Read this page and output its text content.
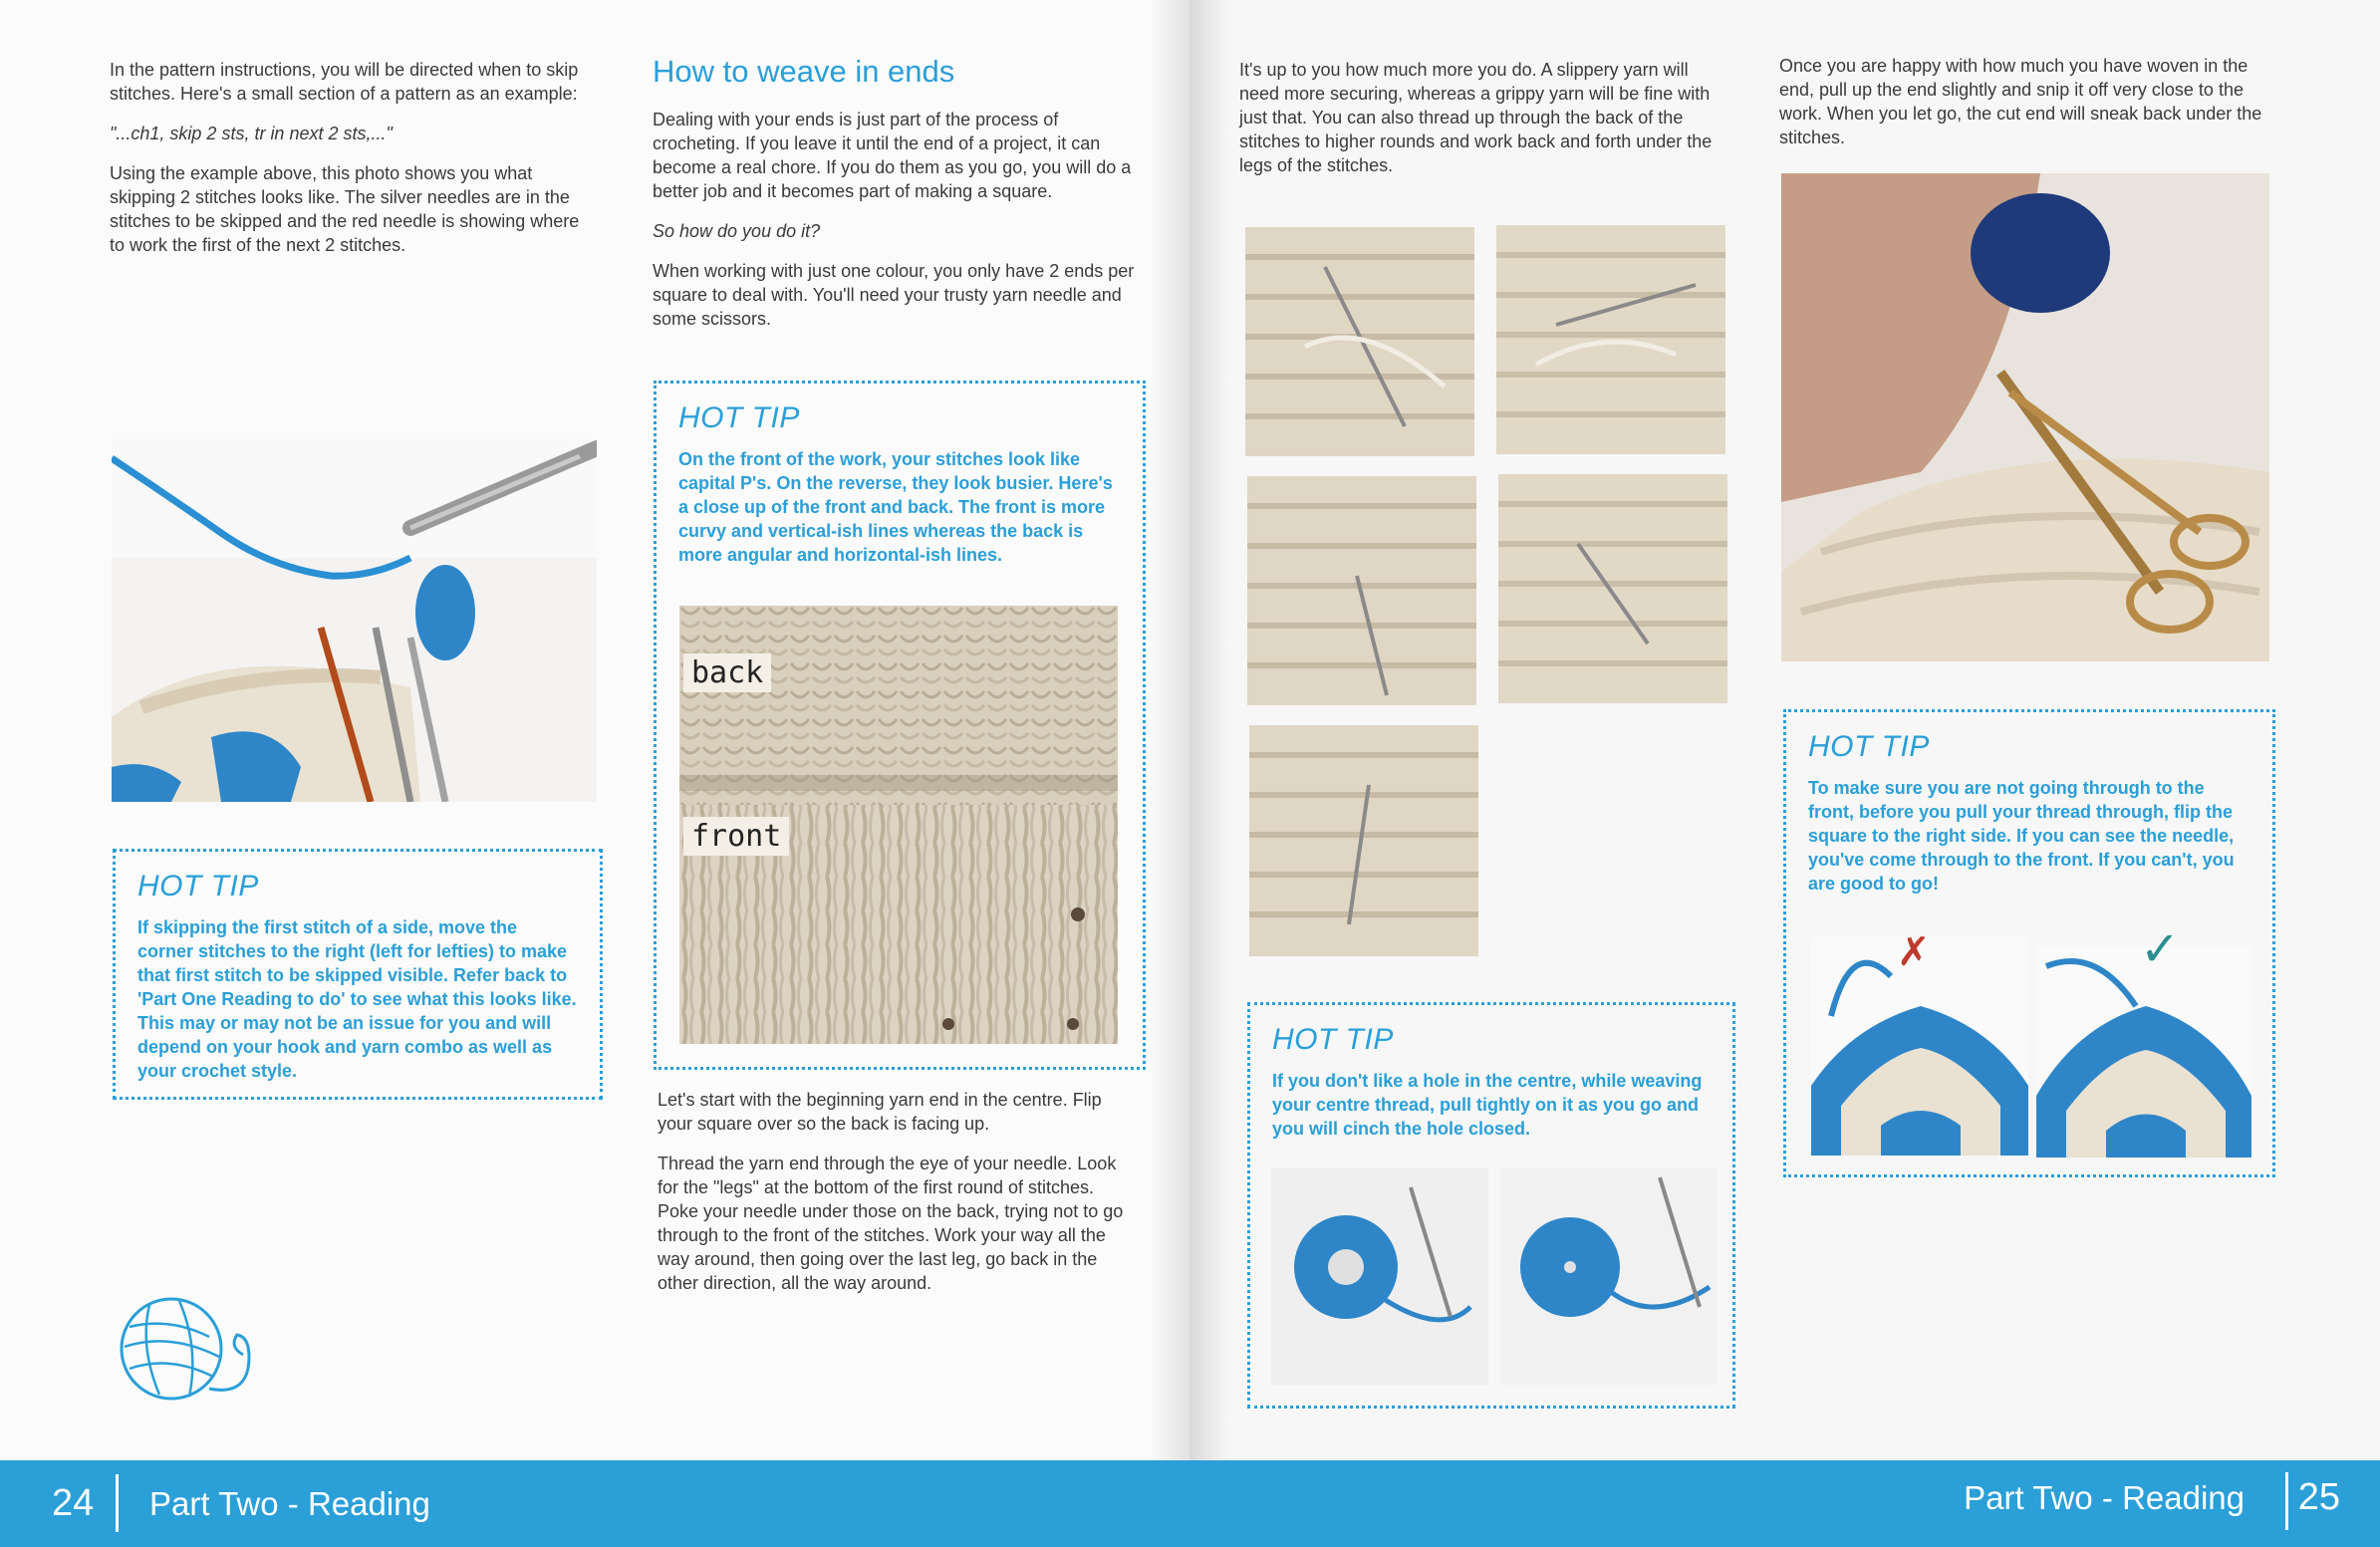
In the pattern instructions, you will be directed when to skip stitches. Here's a small section of a pattern as an example:

"...ch1, skip 2 sts, tr in next 2 sts,..."

Using the example above, this photo shows you what skipping 2 stitches looks like. The silver needles are in the stitches to be skipped and the red needle is showing where to work the first of the next 2 stitches.

HOT TIP
If skipping the first stitch of a side, move the corner stitches to the right (left for lefties) to make that first stitch to be skipped visible. Refer back to 'Part One Reading to do' to see what this looks like. This may or may not be an issue for you and will depend on your hook and yarn combo as well as your crochet style.
How to weave in ends

Dealing with your ends is just part of the process of crocheting. If you leave it until the end of a project, it can become a real chore. If you do them as you go, you will do a better job and it becomes part of making a square.

So how do you do it?

When working with just one colour, you only have 2 ends per square to deal with. You'll need your trusty yarn needle and some scissors.

HOT TIP
On the front of the work, your stitches look like capital P's. On the reverse, they look busier. Here's a close up of the front and back. The front is more curvy and vertical-ish lines whereas the back is more angular and horizontal-ish lines.
back
front

Let's start with the beginning yarn end in the centre. Flip your square over so the back is facing up.

Thread the yarn end through the eye of your needle. Look for the "legs" at the bottom of the first round of stitches. Poke your needle under those on the back, trying not to go through to the front of the stitches. Work your way all the way around, then going over the last leg, go back in the other direction, all the way around.

24 Part Two - Reading

It's up to you how much more you do. A slippery yarn will need more securing, whereas a grippy yarn will be fine with just that. You can also thread up through the back of the stitches to higher rounds and work back and forth under the legs of the stitches.

HOT TIP
If you don't like a hole in the centre, while weaving your centre thread, pull tightly on it as you go and you will cinch the hole closed.

Once you are happy with how much you have woven in the end, pull up the end slightly and snip it off very close to the work. When you let go, the cut end will sneak back under the stitches.

HOT TIP
To make sure you are not going through to the front, before you pull your thread through, flip the square to the right side. If you can see the needle, you've come through to the front. If you can't, you are good to go!
✗	✓
Part Two - Reading 25
